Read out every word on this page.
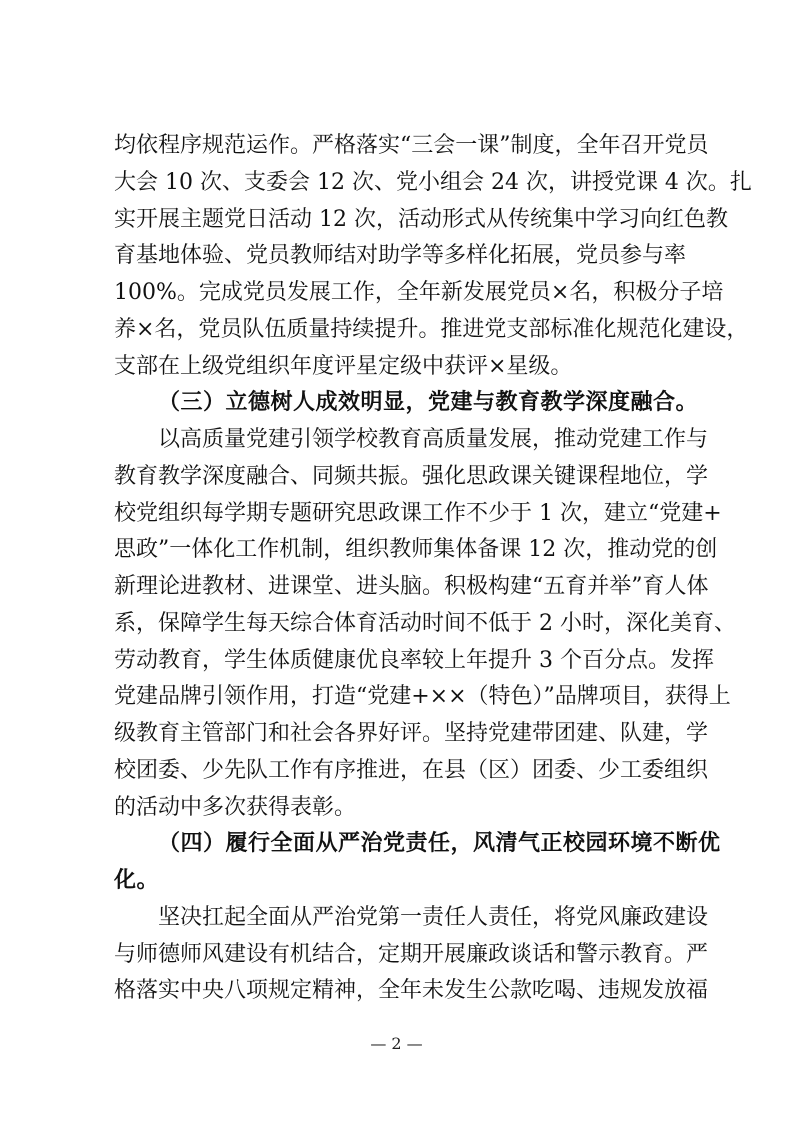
均依程序规范运作。严格落实“三会一课”制度，全年召开党员
大会 10 次、支委会 12 次、党小组会 24 次，讲授党课 4 次。扎
实开展主题党日活动 12 次，活动形式从传统集中学习向红色教
育基地体验、党员教师结对助学等多样化拓展，党员参与率
100%。完成党员发展工作，全年新发展党员×名，积极分子培
养×名，党员队伍质量持续提升。推进党支部标准化规范化建设，
支部在上级党组织年度评星定级中获评×星级。
（三）立德树人成效明显，党建与教育教学深度融合。
以高质量党建引领学校教育高质量发展，推动党建工作与
教育教学深度融合、同频共振。强化思政课关键课程地位，学
校党组织每学期专题研究思政课工作不少于 1 次，建立“党建+
思政”一体化工作机制，组织教师集体备课 12 次，推动党的创
新理论进教材、进课堂、进头脑。积极构建“五育并举”育人体
系，保障学生每天综合体育活动时间不低于 2 小时，深化美育、
劳动教育，学生体质健康优良率较上年提升 3 个百分点。发挥
党建品牌引领作用，打造“党建+××（特色）”品牌项目，获得上
级教育主管部门和社会各界好评。坚持党建带团建、队建，学
校团委、少先队工作有序推进，在县（区）团委、少工委组织
的活动中多次获得表彰。
（四）履行全面从严治党责任，风清气正校园环境不断优
化。
坚决扛起全面从严治党第一责任人责任，将党风廉政建设
与师德师风建设有机结合，定期开展廉政谈话和警示教育。严
格落实中央八项规定精神，全年未发生公款吃喝、违规发放福
— 2 —
